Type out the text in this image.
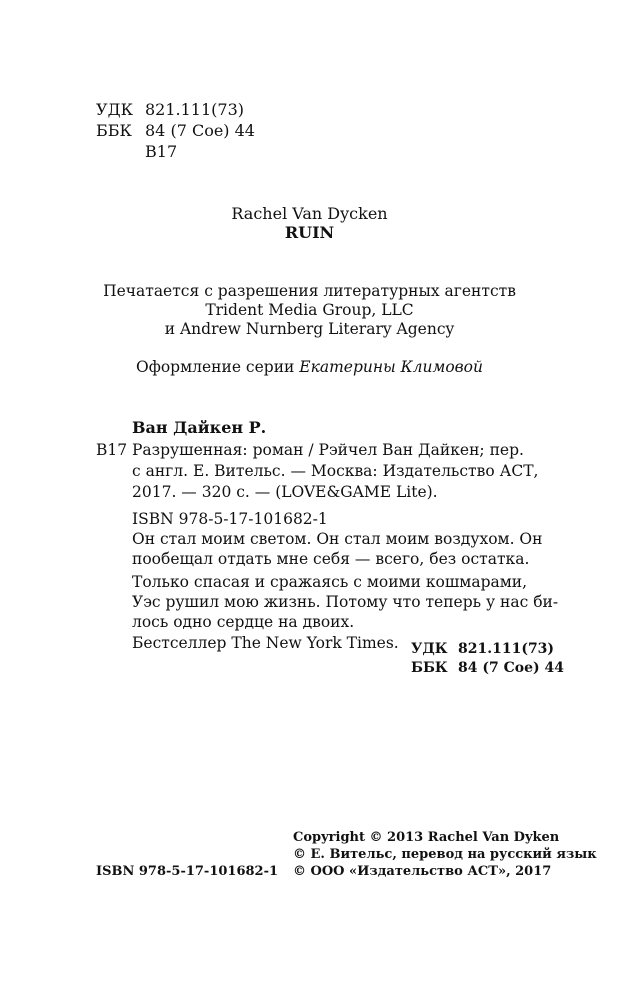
УДК 821.111(73)
ББК 84 (7 Сое) 44
В17
Rachel Van Dycken
RUIN
Печатается с разрешения литературных агентств
Trident Media Group, LLC
и Andrew Nurnberg Literary Agency
Оформление серии Екатерины Климовой
Ван Дайкен Р.
В17 Разрушенная: роман / Рэйчел Ван Дайкен; пер.
с англ. Е. Вительс. — Москва: Издательство АСТ,
2017. — 320 с. — (LOVE&GAME Lite).
ISBN 978-5-17-101682-1
Он стал моим светом. Он стал моим воздухом. Он
пообещал отдать мне себя — всего, без остатка.
Только спасая и сражаясь с моими кошмарами,
Уэс рушил мою жизнь. Потому что теперь у нас би-
лось одно сердце на двоих.
Бестселлер The New York Times. УДК 821.111(73)
ББК 84 (7 Сое) 44
ISBN 978-5-17-101682-1
Copyright © 2013 Rachel Van Dyken
© Е. Вительс, перевод на русский язык
© ООО «Издательство АСТ», 2017
